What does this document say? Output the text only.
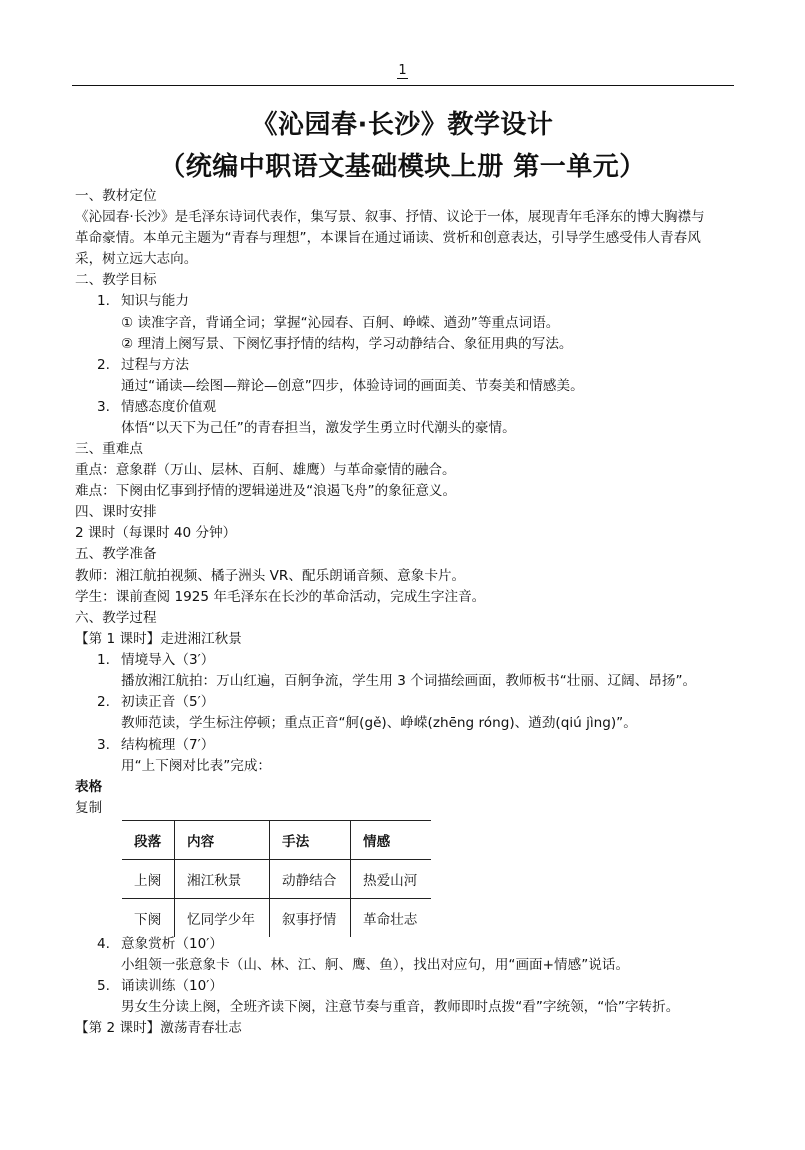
1
《沁园春·长沙》教学设计
（统编中职语文基础模块上册 第一单元）
一、教材定位
《沁园春·长沙》是毛泽东诗词代表作，集写景、叙事、抒情、议论于一体，展现青年毛泽东的博大胸襟与
革命豪情。本单元主题为“青春与理想”，本课旨在通过诵读、赏析和创意表达，引导学生感受伟人青春风
采，树立远大志向。
二、教学目标
1. 知识与能力
① 读准字音，背诵全词；掌握“沁园春、百舸、峥嵘、遒劲”等重点词语。
② 理清上阕写景、下阕忆事抒情的结构，学习动静结合、象征用典的写法。
2. 过程与方法
通过“诵读—绘图—辩论—创意”四步，体验诗词的画面美、节奏美和情感美。
3. 情感态度价值观
体悟“以天下为己任”的青春担当，激发学生勇立时代潮头的豪情。
三、重难点
重点：意象群（万山、层林、百舸、雄鹰）与革命豪情的融合。
难点：下阕由忆事到抒情的逻辑递进及“浪遏飞舟”的象征意义。
四、课时安排
2 课时（每课时 40 分钟）
五、教学准备
教师：湘江航拍视频、橘子洲头 VR、配乐朗诵音频、意象卡片。
学生：课前查阅 1925 年毛泽东在长沙的革命活动，完成生字注音。
六、教学过程
【第 1 课时】走进湘江秋景
1. 情境导入（3′）
播放湘江航拍：万山红遍，百舸争流，学生用 3 个词描绘画面，教师板书“壮丽、辽阔、昂扬”。
2. 初读正音（5′）
教师范读，学生标注停顿；重点正音“舸(gě)、峥嵘(zhēng róng)、遒劲(qiú jìng)”。
3. 结构梳理（7′）
用“上下阕对比表”完成：
表格
复制
段落	内容	手法	情感
上阕	湘江秋景	动静结合	热爱山河
下阕	忆同学少年	叙事抒情	革命壮志
4. 意象赏析（10′）
小组领一张意象卡（山、林、江、舸、鹰、鱼），找出对应句，用“画面+情感”说话。
5. 诵读训练（10′）
男女生分读上阕，全班齐读下阕，注意节奏与重音，教师即时点拨“看”字统领，“恰”字转折。
【第 2 课时】激荡青春壮志
